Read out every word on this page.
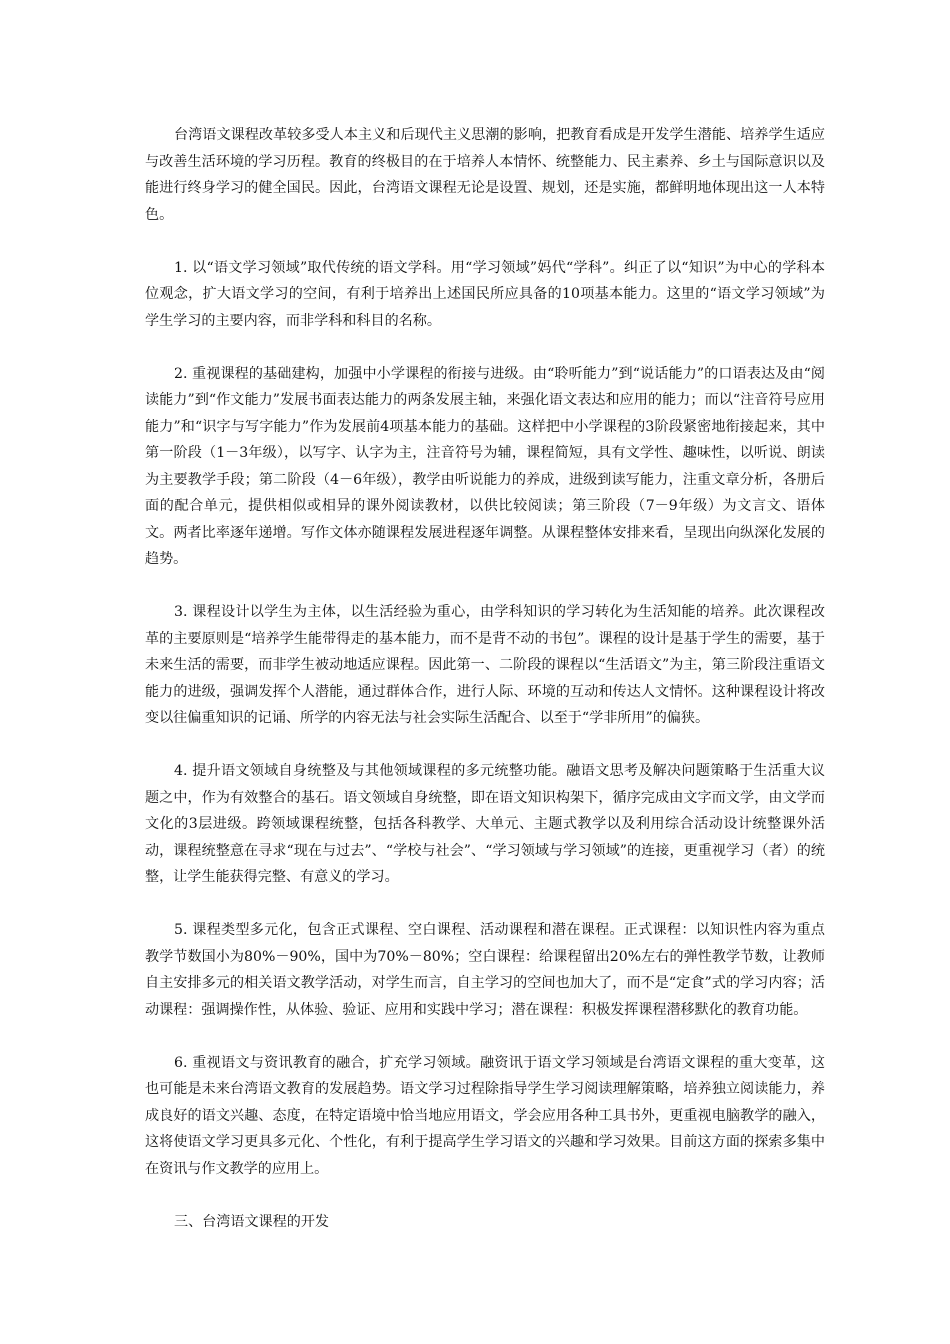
台湾语文课程改革较多受人本主义和后现代主义思潮的影响，把教育看成是开发学生潜能、培养学生适应与改善生活环境的学习历程。教育的终极目的在于培养人本情怀、统整能力、民主素养、乡土与国际意识以及能进行终身学习的健全国民。因此，台湾语文课程无论是设置、规划，还是实施，都鲜明地体现出这一人本特色。

1. 以“语文学习领域”取代传统的语文学科。用“学习领域”妈代“学科”。纠正了以“知识”为中心的学科本位观念，扩大语文学习的空间，有利于培养出上述国民所应具备的10项基本能力。这里的“语文学习领域”为学生学习的主要内容，而非学科和科目的名称。

2. 重视课程的基础建构，加强中小学课程的衔接与进级。由“聆听能力”到“说话能力”的口语表达及由“阅读能力”到“作文能力”发展书面表达能力的两条发展主轴，来强化语文表达和应用的能力；而以“注音符号应用能力”和“识字与写字能力”作为发展前4项基本能力的基础。这样把中小学课程的3阶段紧密地衔接起来，其中第一阶段（1－3年级），以写字、认字为主，注音符号为辅，课程简短，具有文学性、趣味性，以听说、朗读为主要教学手段；第二阶段（4－6年级），教学由听说能力的养成，进级到读写能力，注重文章分析，各册后面的配合单元，提供相似或相异的课外阅读教材，以供比较阅读；第三阶段（7－9年级）为文言文、语体文。两者比率逐年递增。写作文体亦随课程发展进程逐年调整。从课程整体安排来看，呈现出向纵深化发展的趋势。

3. 课程设计以学生为主体，以生活经验为重心，由学科知识的学习转化为生活知能的培养。此次课程改革的主要原则是“培养学生能带得走的基本能力，而不是背不动的书包”。课程的设计是基于学生的需要，基于未来生活的需要，而非学生被动地适应课程。因此第一、二阶段的课程以“生活语文”为主，第三阶段注重语文能力的进级，强调发挥个人潜能，通过群体合作，进行人际、环境的互动和传达人文情怀。这种课程设计将改变以往偏重知识的记诵、所学的内容无法与社会实际生活配合、以至于“学非所用”的偏狭。

4. 提升语文领域自身统整及与其他领域课程的多元统整功能。融语文思考及解决问题策略于生活重大议题之中，作为有效整合的基石。语文领域自身统整，即在语文知识构架下，循序完成由文字而文学，由文学而文化的3层进级。跨领域课程统整，包括各科教学、大单元、主题式教学以及利用综合活动设计统整课外活动，课程统整意在寻求“现在与过去”、“学校与社会”、“学习领域与学习领域”的连接，更重视学习（者）的统整，让学生能获得完整、有意义的学习。

5. 课程类型多元化，包含正式课程、空白课程、活动课程和潜在课程。正式课程：以知识性内容为重点教学节数国小为80%－90%，国中为70%－80%；空白课程：给课程留出20%左右的弹性教学节数，让教师自主安排多元的相关语文教学活动，对学生而言，自主学习的空间也加大了，而不是“定食”式的学习内容；活动课程：强调操作性，从体验、验证、应用和实践中学习；潜在课程：积极发挥课程潜移默化的教育功能。

6. 重视语文与资讯教育的融合，扩充学习领域。融资讯于语文学习领域是台湾语文课程的重大变革，这也可能是未来台湾语文教育的发展趋势。语文学习过程除指导学生学习阅读理解策略，培养独立阅读能力，养成良好的语文兴趣、态度，在特定语境中恰当地应用语文，学会应用各种工具书外，更重视电脑教学的融入，这将使语文学习更具多元化、个性化，有利于提高学生学习语文的兴趣和学习效果。目前这方面的探索多集中在资讯与作文教学的应用上。

三、台湾语文课程的开发
